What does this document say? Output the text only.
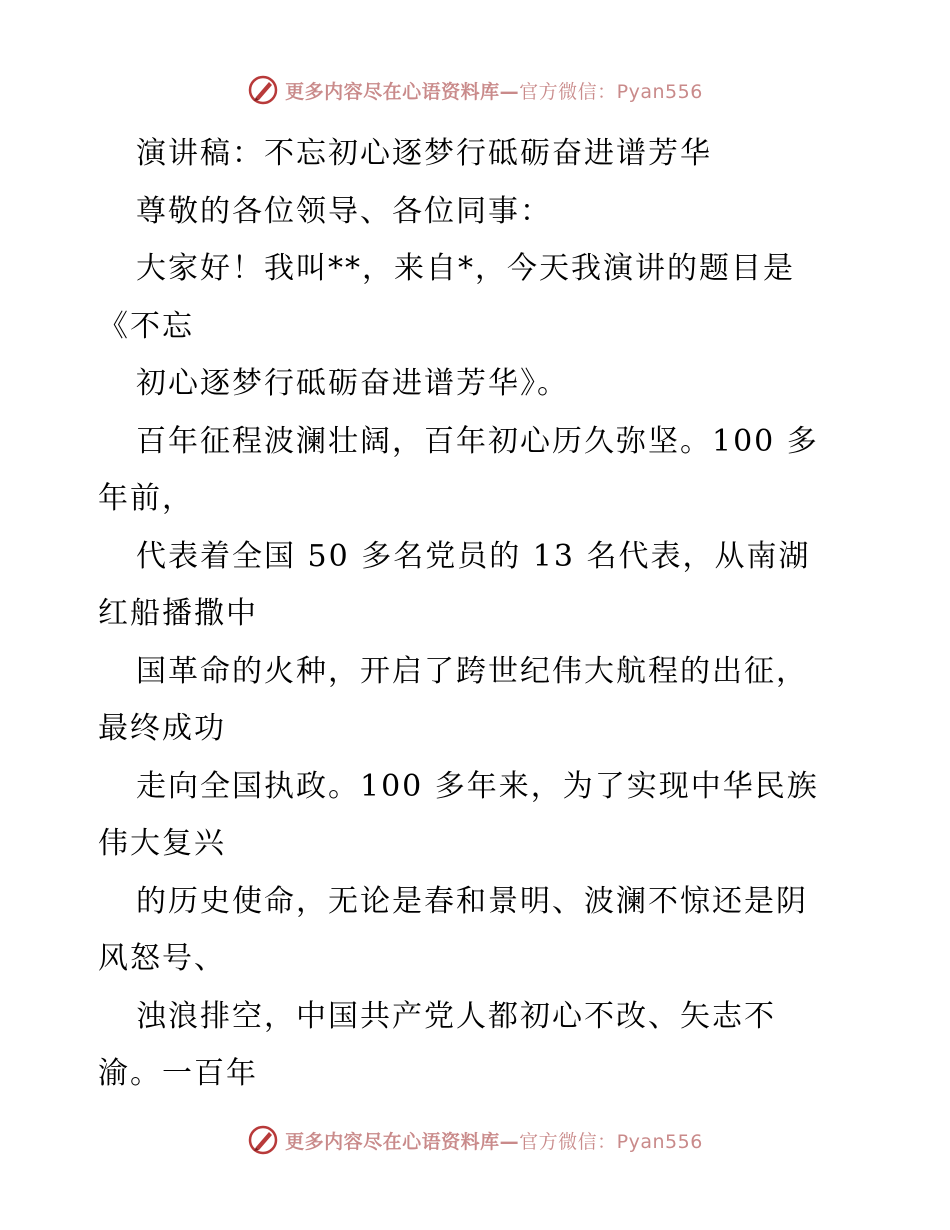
更多内容尽在心语资料库—官方微信：Pyan556
演讲稿：不忘初心逐梦行砥砺奋进谱芳华
尊敬的各位领导、各位同事：
大家好！我叫**，来自*，今天我演讲的题目是
《不忘
初心逐梦行砥砺奋进谱芳华》。
百年征程波澜壮阔，百年初心历久弥坚。100 多
年前，
代表着全国 50 多名党员的 13 名代表，从南湖
红船播撒中
国革命的火种，开启了跨世纪伟大航程的出征，
最终成功
走向全国执政。100 多年来，为了实现中华民族
伟大复兴
的历史使命，无论是春和景明、波澜不惊还是阴
风怒号、
浊浪排空，中国共产党人都初心不改、矢志不
渝。一百年
更多内容尽在心语资料库—官方微信：Pyan556
